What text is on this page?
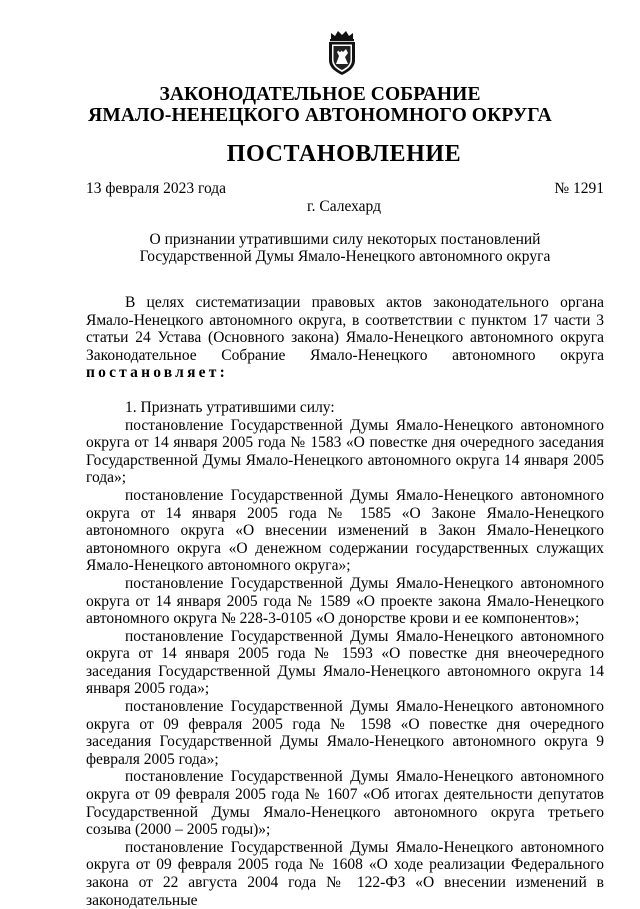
ЗАКОНОДАТЕЛЬНОЕ СОБРАНИЕ
ЯМАЛО-НЕНЕЦКОГО АВТОНОМНОГО ОКРУГА
ПОСТАНОВЛЕНИЕ
13 февраля 2023 года	№ 1291
г. Салехард
О признании утратившими силу некоторых постановлений
Государственной Думы Ямало-Ненецкого автономного округа

В целях систематизации правовых актов законодательного органа Ямало-Ненецкого автономного округа, в соответствии с пунктом 17 части 3 статьи 24 Устава (Основного закона) Ямало-Ненецкого автономного округа Законодательное Собрание Ямало-Ненецкого автономного округа постановляет:

1. Признать утратившими силу:

постановление Государственной Думы Ямало-Ненецкого автономного округа от 14 января 2005 года № 1583 «О повестке дня очередного заседания Государственной Думы Ямало-Ненецкого автономного округа 14 января 2005 года»;

постановление Государственной Думы Ямало-Ненецкого автономного округа от 14 января 2005 года № 1585 «О Законе Ямало-Ненецкого автономного округа «О внесении изменений в Закон Ямало-Ненецкого автономного округа «О денежном содержании государственных служащих Ямало-Ненецкого автономного округа»;

постановление Государственной Думы Ямало-Ненецкого автономного округа от 14 января 2005 года № 1589 «О проекте закона Ямало-Ненецкого автономного округа № 228-3-0105 «О донорстве крови и ее компонентов»;

постановление Государственной Думы Ямало-Ненецкого автономного округа от 14 января 2005 года № 1593 «О повестке дня внеочередного заседания Государственной Думы Ямало-Ненецкого автономного округа 14 января 2005 года»;

постановление Государственной Думы Ямало-Ненецкого автономного округа от 09 февраля 2005 года № 1598 «О повестке дня очередного заседания Государственной Думы Ямало-Ненецкого автономного округа 9 февраля 2005 года»;

постановление Государственной Думы Ямало-Ненецкого автономного округа от 09 февраля 2005 года № 1607 «Об итогах деятельности депутатов Государственной Думы Ямало-Ненецкого автономного округа третьего созыва (2000 – 2005 годы)»;

постановление Государственной Думы Ямало-Ненецкого автономного округа от 09 февраля 2005 года № 1608 «О ходе реализации Федерального закона от 22 августа 2004 года № 122-ФЗ «О внесении изменений в законодательные
